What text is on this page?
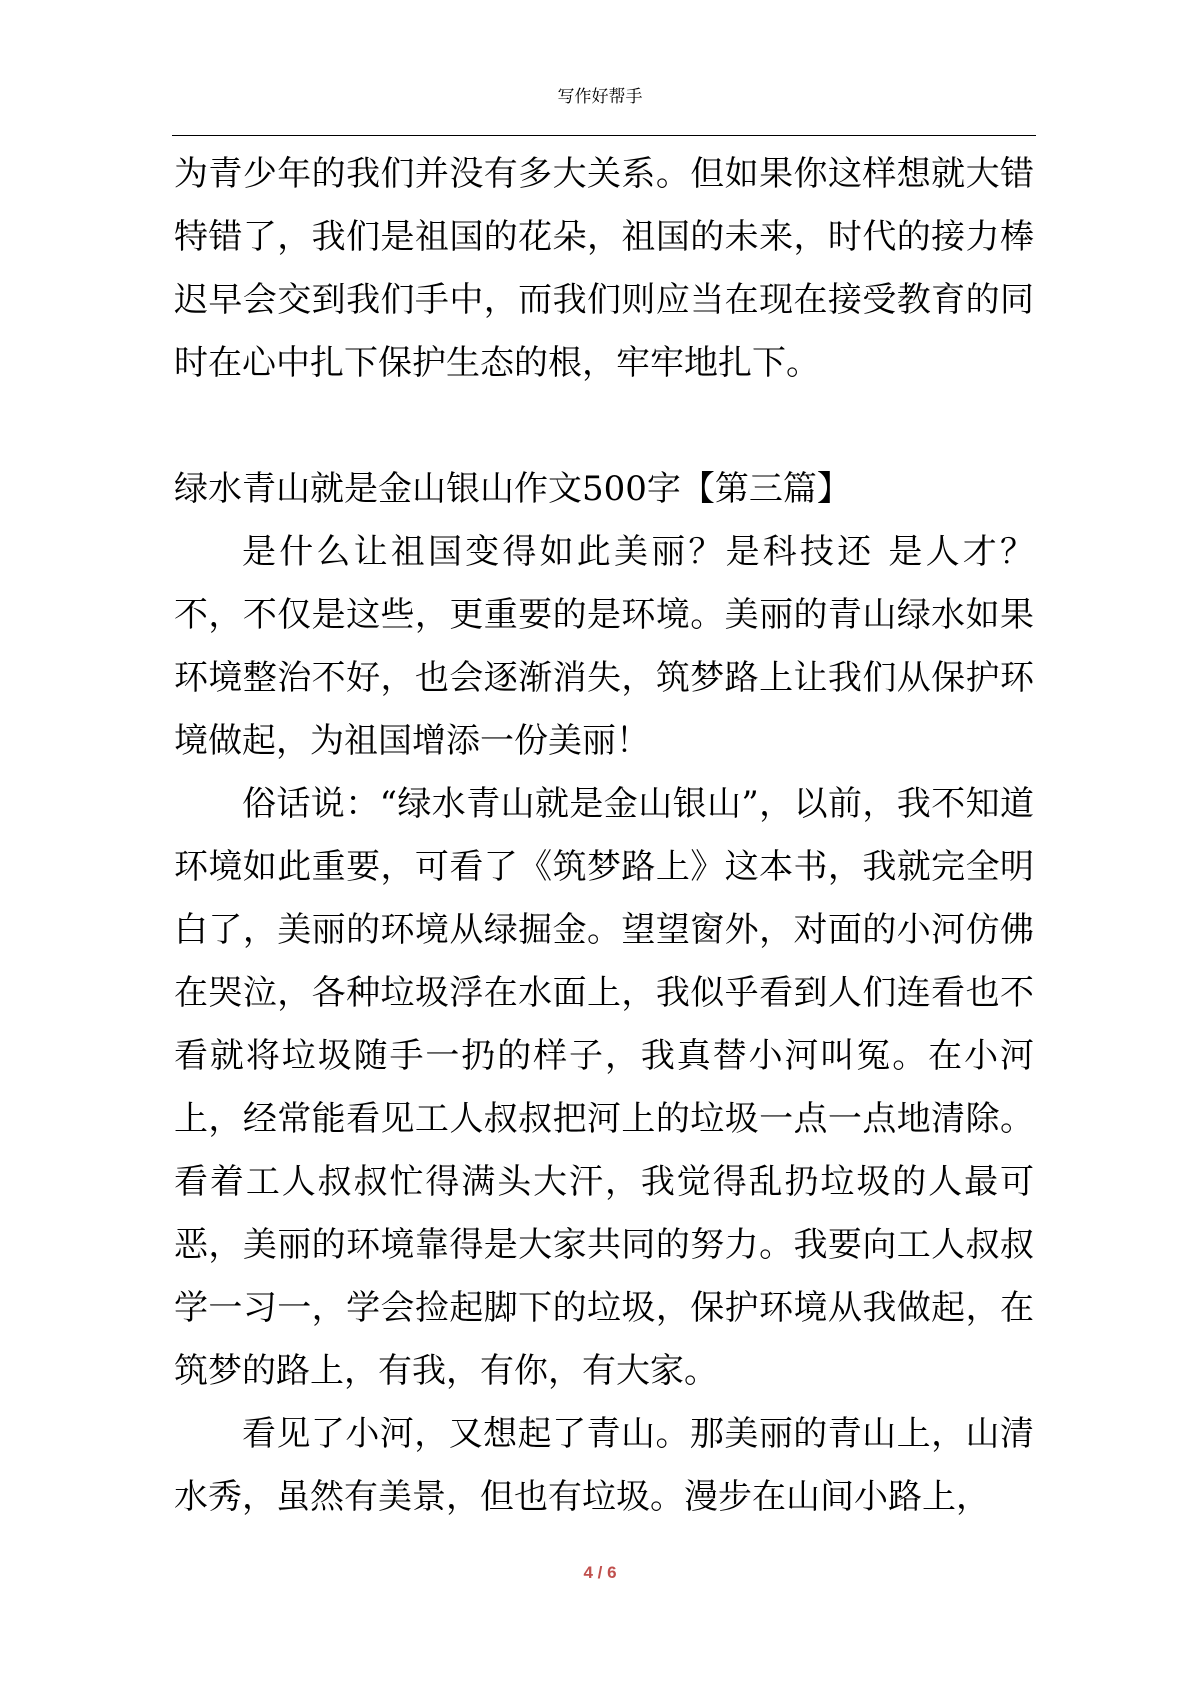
写作好帮手

为青少年的我们并没有多大关系。但如果你这样想就大错特错了，我们是祖国的花朵，祖国的未来，时代的接力棒迟早会交到我们手中，而我们则应当在现在接受教育的同时在心中扎下保护生态的根，牢牢地扎下。

绿水青山就是金山银山作文500字【第三篇】

是什么让祖国变得如此美丽？是科技还 是人才？不，不仅是这些，更重要的是环境。美丽的青山绿水如果环境整治不好，也会逐渐消失，筑梦路上让我们从保护环境做起，为祖国增添一份美丽！

俗话说：“绿水青山就是金山银山”，以前，我不知道环境如此重要，可看了《筑梦路上》这本书，我就完全明白了，美丽的环境从绿掘金。望望窗外，对面的小河仿佛在哭泣，各种垃圾浮在水面上，我似乎看到人们连看也不看就将垃圾随手一扔的样子，我真替小河叫冤。在小河上，经常能看见工人叔叔把河上的垃圾一点一点地清除。看着工人叔叔忙得满头大汗，我觉得乱扔垃圾的人最可恶，美丽的环境靠得是大家共同的努力。我要向工人叔叔学一习一，学会捡起脚下的垃圾，保护环境从我做起，在筑梦的路上，有我，有你，有大家。

看见了小河，又想起了青山。那美丽的青山上，山清水秀，虽然有美景，但也有垃圾。漫步在山间小路上，

4 / 6
